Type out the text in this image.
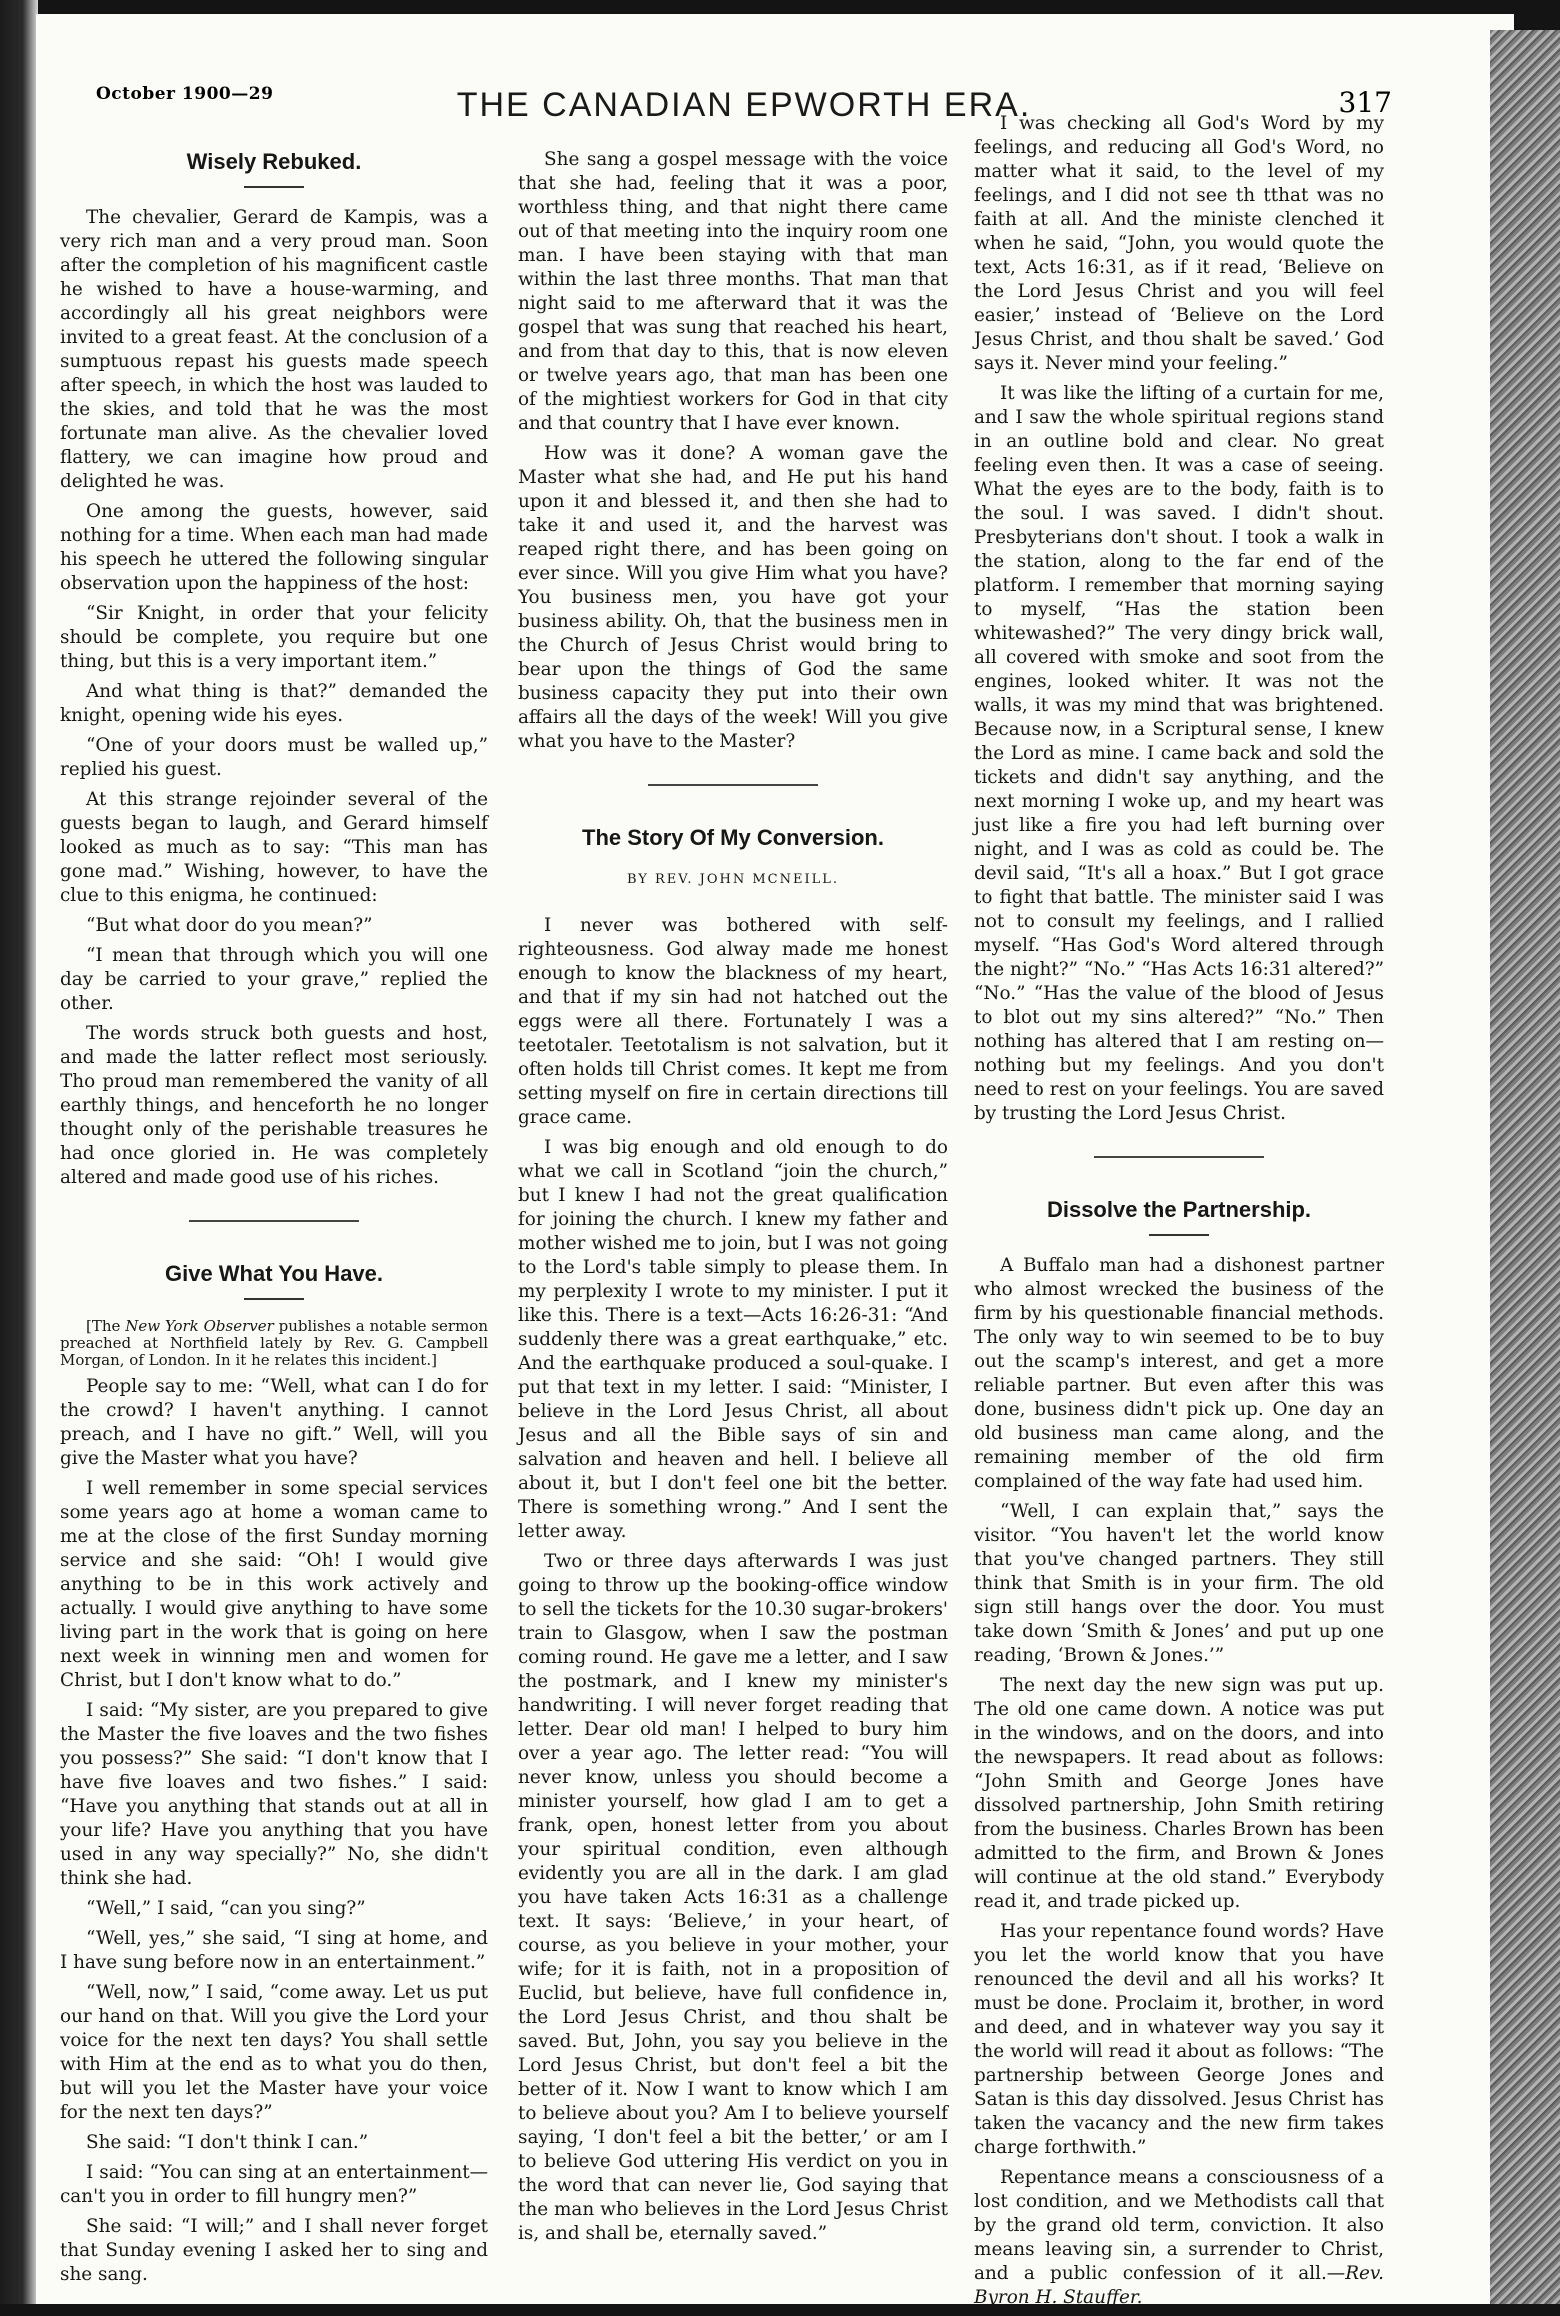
October 1900—29	THE CANADIAN EPWORTH ERA.	317
Wisely Rebuked.

The chevalier, Gerard de Kampis, was a very rich man and a very proud man. Soon after the completion of his magnificent castle he wished to have a house-warming, and accordingly all his great neighbors were invited to a great feast. At the conclusion of a sumptuous repast his guests made speech after speech, in which the host was lauded to the skies, and told that he was the most fortunate man alive. As the chevalier loved flattery, we can imagine how proud and delighted he was.

One among the guests, however, said nothing for a time. When each man had made his speech he uttered the following singular observation upon the happiness of the host:

“Sir Knight, in order that your felicity should be complete, you require but one thing, but this is a very important item.”

And what thing is that?” demanded the knight, opening wide his eyes.

“One of your doors must be walled up,” replied his guest.

At this strange rejoinder several of the guests began to laugh, and Gerard himself looked as much as to say: “This man has gone mad.” Wishing, however, to have the clue to this enigma, he continued:

“But what door do you mean?”

“I mean that through which you will one day be carried to your grave,” replied the other.

The words struck both guests and host, and made the latter reflect most seriously. Tho proud man remembered the vanity of all earthly things, and henceforth he no longer thought only of the perishable treasures he had once gloried in. He was completely altered and made good use of his riches.

Give What You Have.

[The New York Observer publishes a notable sermon preached at Northfield lately by Rev. G. Campbell Morgan, of London. In it he relates this incident.]

People say to me: “Well, what can I do for the crowd? I haven't anything. I cannot preach, and I have no gift.” Well, will you give the Master what you have?

I well remember in some special services some years ago at home a woman came to me at the close of the first Sunday morning service and she said: “Oh! I would give anything to be in this work actively and actually. I would give anything to have some living part in the work that is going on here next week in winning men and women for Christ, but I don't know what to do.”

I said: “My sister, are you prepared to give the Master the five loaves and the two fishes you possess?” She said: “I don't know that I have five loaves and two fishes.” I said: “Have you anything that stands out at all in your life? Have you anything that you have used in any way specially?” No, she didn't think she had.

“Well,” I said, “can you sing?”

“Well, yes,” she said, “I sing at home, and I have sung before now in an entertainment.”

“Well, now,” I said, “come away. Let us put our hand on that. Will you give the Lord your voice for the next ten days? You shall settle with Him at the end as to what you do then, but will you let the Master have your voice for the next ten days?”

She said: “I don't think I can.”

I said: “You can sing at an entertainment—can't you in order to fill hungry men?”

She said: “I will;” and I shall never forget that Sunday evening I asked her to sing and she sang.

She sang a gospel message with the voice that she had, feeling that it was a poor, worthless thing, and that night there came out of that meeting into the inquiry room one man. I have been staying with that man within the last three months. That man that night said to me afterward that it was the gospel that was sung that reached his heart, and from that day to this, that is now eleven or twelve years ago, that man has been one of the mightiest workers for God in that city and that country that I have ever known.

How was it done? A woman gave the Master what she had, and He put his hand upon it and blessed it, and then she had to take it and used it, and the harvest was reaped right there, and has been going on ever since. Will you give Him what you have? You business men, you have got your business ability. Oh, that the business men in the Church of Jesus Christ would bring to bear upon the things of God the same business capacity they put into their own affairs all the days of the week! Will you give what you have to the Master?

The Story Of My Conversion.
BY REV. JOHN MCNEILL.

I never was bothered with self-righteousness. God alway made me honest enough to know the blackness of my heart, and that if my sin had not hatched out the eggs were all there. Fortunately I was a teetotaler. Teetotalism is not salvation, but it often holds till Christ comes. It kept me from setting myself on fire in certain directions till grace came.

I was big enough and old enough to do what we call in Scotland “join the church,” but I knew I had not the great qualification for joining the church. I knew my father and mother wished me to join, but I was not going to the Lord's table simply to please them. In my perplexity I wrote to my minister. I put it like this. There is a text—Acts 16:26-31: “And suddenly there was a great earthquake,” etc. And the earthquake produced a soul-quake. I put that text in my letter. I said: “Minister, I believe in the Lord Jesus Christ, all about Jesus and all the Bible says of sin and salvation and heaven and hell. I believe all about it, but I don't feel one bit the better. There is something wrong.” And I sent the letter away.

Two or three days afterwards I was just going to throw up the booking-office window to sell the tickets for the 10.30 sugar-brokers' train to Glasgow, when I saw the postman coming round. He gave me a letter, and I saw the postmark, and I knew my minister's handwriting. I will never forget reading that letter. Dear old man! I helped to bury him over a year ago. The letter read: “You will never know, unless you should become a minister yourself, how glad I am to get a frank, open, honest letter from you about your spiritual condition, even although evidently you are all in the dark. I am glad you have taken Acts 16:31 as a challenge text. It says: ‘Believe,’ in your heart, of course, as you believe in your mother, your wife; for it is faith, not in a proposition of Euclid, but believe, have full confidence in, the Lord Jesus Christ, and thou shalt be saved. But, John, you say you believe in the Lord Jesus Christ, but don't feel a bit the better of it. Now I want to know which I am to believe about you? Am I to believe yourself saying, ‘I don't feel a bit the better,’ or am I to believe God uttering His verdict on you in the word that can never lie, God saying that the man who believes in the Lord Jesus Christ is, and shall be, eternally saved.”

I was checking all God's Word by my feelings, and reducing all God's Word, no matter what it said, to the level of my feelings, and I did not see th tthat was no faith at all. And the ministe clenched it when he said, “John, you would quote the text, Acts 16:31, as if it read, ‘Believe on the Lord Jesus Christ and you will feel easier,’ instead of ‘Believe on the Lord Jesus Christ, and thou shalt be saved.’ God says it. Never mind your feeling.”

It was like the lifting of a curtain for me, and I saw the whole spiritual regions stand in an outline bold and clear. No great feeling even then. It was a case of seeing. What the eyes are to the body, faith is to the soul. I was saved. I didn't shout. Presbyterians don't shout. I took a walk in the station, along to the far end of the platform. I remember that morning saying to myself, “Has the station been whitewashed?” The very dingy brick wall, all covered with smoke and soot from the engines, looked whiter. It was not the walls, it was my mind that was brightened. Because now, in a Scriptural sense, I knew the Lord as mine. I came back and sold the tickets and didn't say anything, and the next morning I woke up, and my heart was just like a fire you had left burning over night, and I was as cold as could be. The devil said, “It's all a hoax.” But I got grace to fight that battle. The minister said I was not to consult my feelings, and I rallied myself. “Has God's Word altered through the night?” “No.” “Has Acts 16:31 altered?” “No.” “Has the value of the blood of Jesus to blot out my sins altered?” “No.” Then nothing has altered that I am resting on—nothing but my feelings. And you don't need to rest on your feelings. You are saved by trusting the Lord Jesus Christ.

Dissolve the Partnership.

A Buffalo man had a dishonest partner who almost wrecked the business of the firm by his questionable financial methods. The only way to win seemed to be to buy out the scamp's interest, and get a more reliable partner. But even after this was done, business didn't pick up. One day an old business man came along, and the remaining member of the old firm complained of the way fate had used him.

“Well, I can explain that,” says the visitor. “You haven't let the world know that you've changed partners. They still think that Smith is in your firm. The old sign still hangs over the door. You must take down ‘Smith & Jones’ and put up one reading, ‘Brown & Jones.’”

The next day the new sign was put up. The old one came down. A notice was put in the windows, and on the doors, and into the newspapers. It read about as follows: “John Smith and George Jones have dissolved partnership, John Smith retiring from the business. Charles Brown has been admitted to the firm, and Brown & Jones will continue at the old stand.” Everybody read it, and trade picked up.

Has your repentance found words? Have you let the world know that you have renounced the devil and all his works? It must be done. Proclaim it, brother, in word and deed, and in whatever way you say it the world will read it about as follows: “The partnership between George Jones and Satan is this day dissolved. Jesus Christ has taken the vacancy and the new firm takes charge forthwith.”

Repentance means a consciousness of a lost condition, and we Methodists call that by the grand old term, conviction. It also means leaving sin, a surrender to Christ, and a public confession of it all.—Rev. Byron H. Stauffer.
